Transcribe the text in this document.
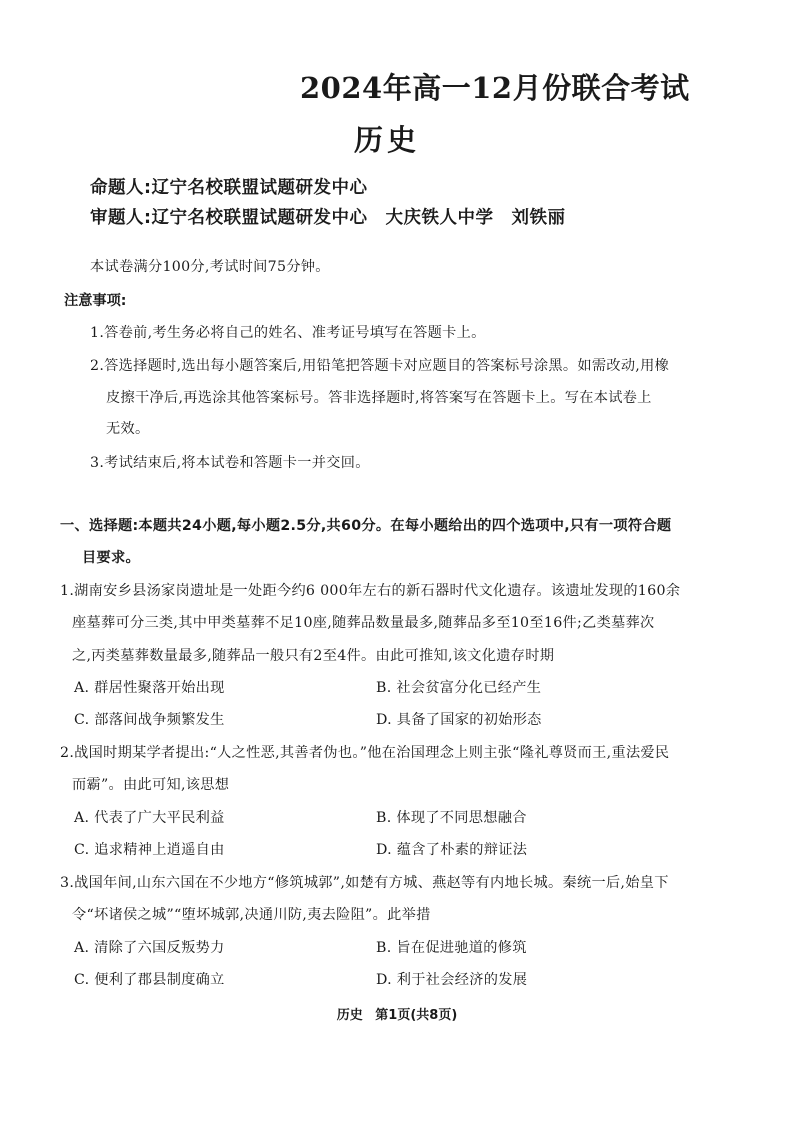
2024年高一12月份联合考试
历史
命题人:辽宁名校联盟试题研发中心
审题人:辽宁名校联盟试题研发中心　大庆铁人中学　刘铁丽
本试卷满分100分,考试时间75分钟。
注意事项:
1.答卷前,考生务必将自己的姓名、准考证号填写在答题卡上。
2.答选择题时,选出每小题答案后,用铅笔把答题卡对应题目的答案标号涂黑。如需改动,用橡
皮擦干净后,再选涂其他答案标号。答非选择题时,将答案写在答题卡上。写在本试卷上
无效。
3.考试结束后,将本试卷和答题卡一并交回。
一、选择题:本题共24小题,每小题2.5分,共60分。在每小题给出的四个选项中,只有一项符合题
目要求。
1.湖南安乡县汤家岗遗址是一处距今约6 000年左右的新石器时代文化遗存。该遗址发现的160余
座墓葬可分三类,其中甲类墓葬不足10座,随葬品数量最多,随葬品多至10至16件;乙类墓葬次
之,丙类墓葬数量最多,随葬品一般只有2至4件。由此可推知,该文化遗存时期
A. 群居性聚落开始出现	B. 社会贫富分化已经产生
C. 部落间战争频繁发生	D. 具备了国家的初始形态
2.战国时期某学者提出:“人之性恶,其善者伪也。”他在治国理念上则主张“隆礼尊贤而王,重法爱民
而霸”。由此可知,该思想
A. 代表了广大平民利益	B. 体现了不同思想融合
C. 追求精神上逍遥自由	D. 蕴含了朴素的辩证法
3.战国年间,山东六国在不少地方“修筑城郭”,如楚有方城、燕赵等有内地长城。秦统一后,始皇下
令“坏诸侯之城”“堕坏城郭,决通川防,夷去险阻”。此举措
A. 清除了六国反叛势力	B. 旨在促进驰道的修筑
C. 便利了郡县制度确立	D. 利于社会经济的发展
历史 第1页(共8页)
